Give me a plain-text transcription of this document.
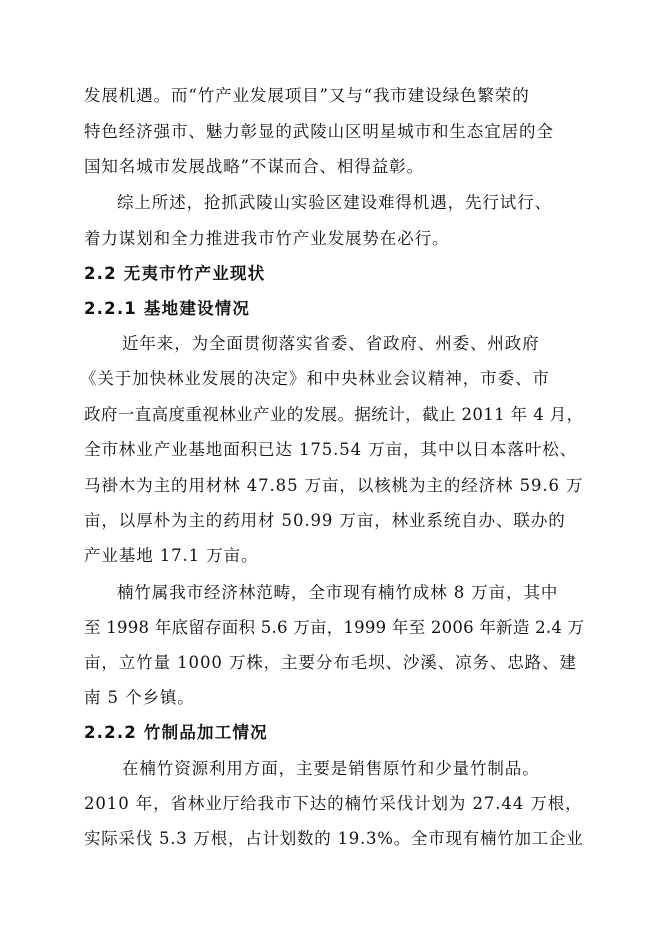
发展机遇。而“竹产业发展项目”又与“我市建设绿色繁荣的
特色经济强市、魅力彰显的武陵山区明星城市和生态宜居的全
国知名城市发展战略”不谋而合、相得益彰。
综上所述，抢抓武陵山实验区建设难得机遇，先行试行、
着力谋划和全力推进我市竹产业发展势在必行。
2.2 无夷市竹产业现状
2.2.1 基地建设情况
近年来，为全面贯彻落实省委、省政府、州委、州政府
《关于加快林业发展的决定》和中央林业会议精神，市委、市
政府一直高度重视林业产业的发展。据统计，截止 2011 年 4 月，
全市林业产业基地面积已达 175.54 万亩，其中以日本落叶松、
马褂木为主的用材林 47.85 万亩，以核桃为主的经济林 59.6 万
亩，以厚朴为主的药用材 50.99 万亩，林业系统自办、联办的
产业基地 17.1 万亩。
楠竹属我市经济林范畴，全市现有楠竹成林 8 万亩，其中
至 1998 年底留存面积 5.6 万亩，1999 年至 2006 年新造 2.4 万
亩，立竹量 1000 万株，主要分布毛坝、沙溪、凉务、忠路、建
南 5 个乡镇。
2.2.2 竹制品加工情况
在楠竹资源利用方面，主要是销售原竹和少量竹制品。
2010 年，省林业厅给我市下达的楠竹采伐计划为 27.44 万根，
实际采伐 5.3 万根，占计划数的 19.3%。全市现有楠竹加工企业
